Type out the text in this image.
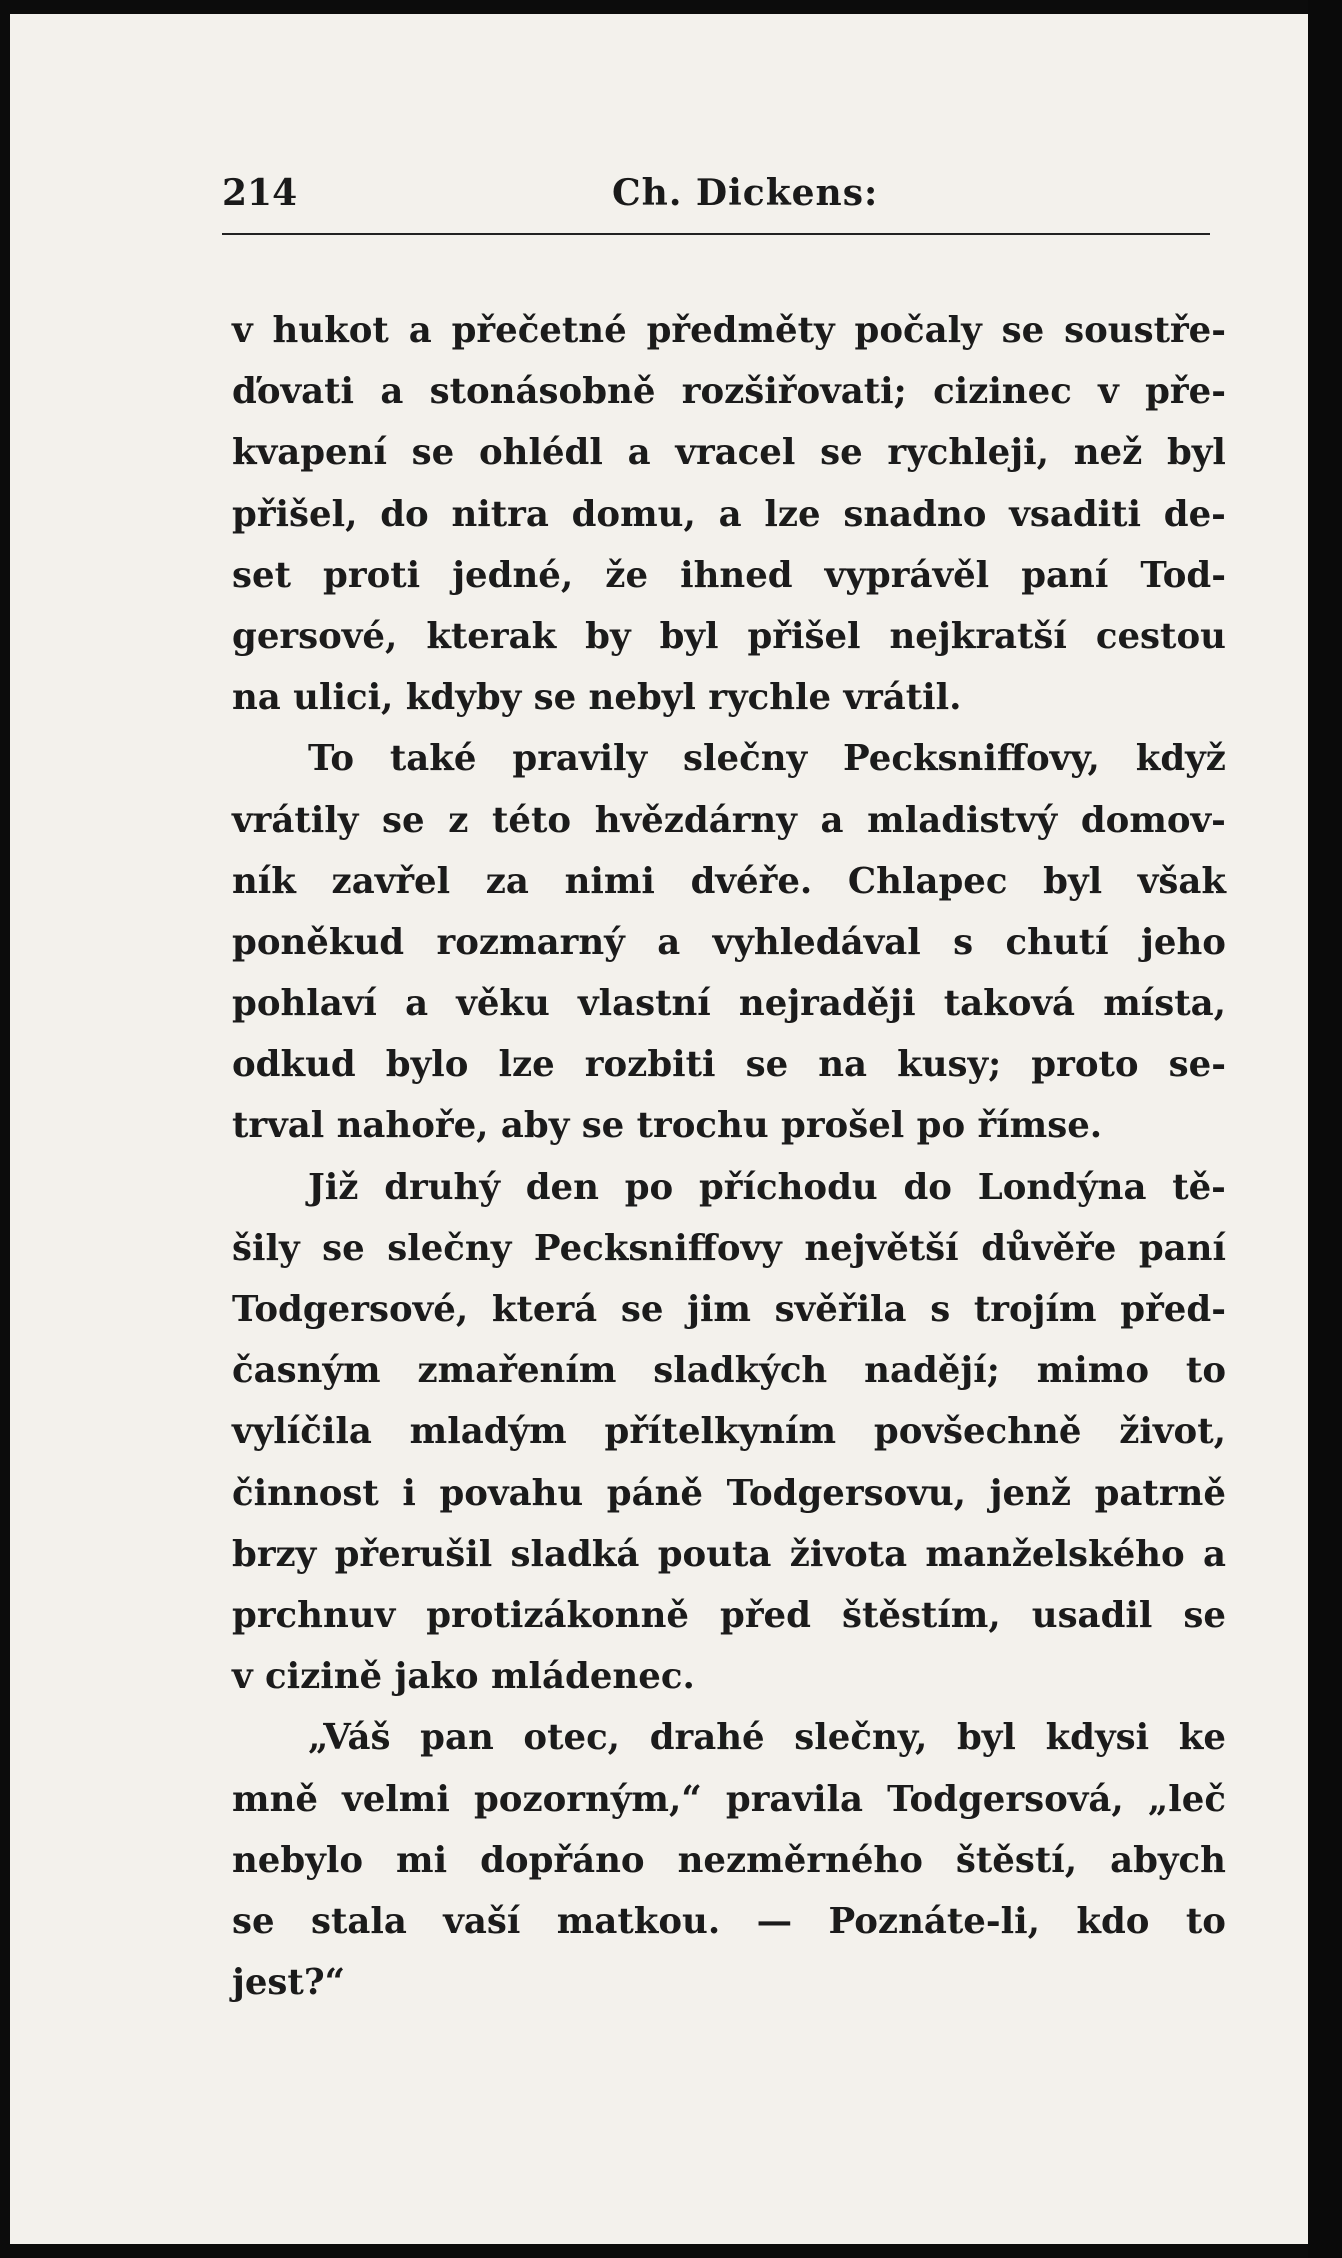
214	Ch. Dickens:
v hukot a přečetné předměty počaly se soustře-
ďovati a stonásobně rozšiřovati; cizinec v pře-
kvapení se ohlédl a vracel se rychleji, než byl
přišel, do nitra domu, a lze snadno vsaditi de-
set proti jedné, že ihned vyprávěl paní Tod-
gersové, kterak by byl přišel nejkratší cestou
na ulici, kdyby se nebyl rychle vrátil.
To také pravily slečny Pecksniffovy, když
vrátily se z této hvězdárny a mladistvý domov-
ník zavřel za nimi dvéře. Chlapec byl však
poněkud rozmarný a vyhledával s chutí jeho
pohlaví a věku vlastní nejraději taková místa,
odkud bylo lze rozbiti se na kusy; proto se-
trval nahoře, aby se trochu prošel po římse.
Již druhý den po příchodu do Londýna tě-
šily se slečny Pecksniffovy největší důvěře paní
Todgersové, která se jim svěřila s trojím před-
časným zmařením sladkých nadějí; mimo to
vylíčila mladým přítelkyním povšechně život,
činnost i povahu páně Todgersovu, jenž patrně
brzy přerušil sladká pouta života manželského a
prchnuv protizákonně před štěstím, usadil se
v cizině jako mládenec.
„Váš pan otec, drahé slečny, byl kdysi ke
mně velmi pozorným,“ pravila Todgersová, „leč
nebylo mi dopřáno nezměrného štěstí, abych
se stala vaší matkou. — Poznáte-li, kdo to
jest?“
